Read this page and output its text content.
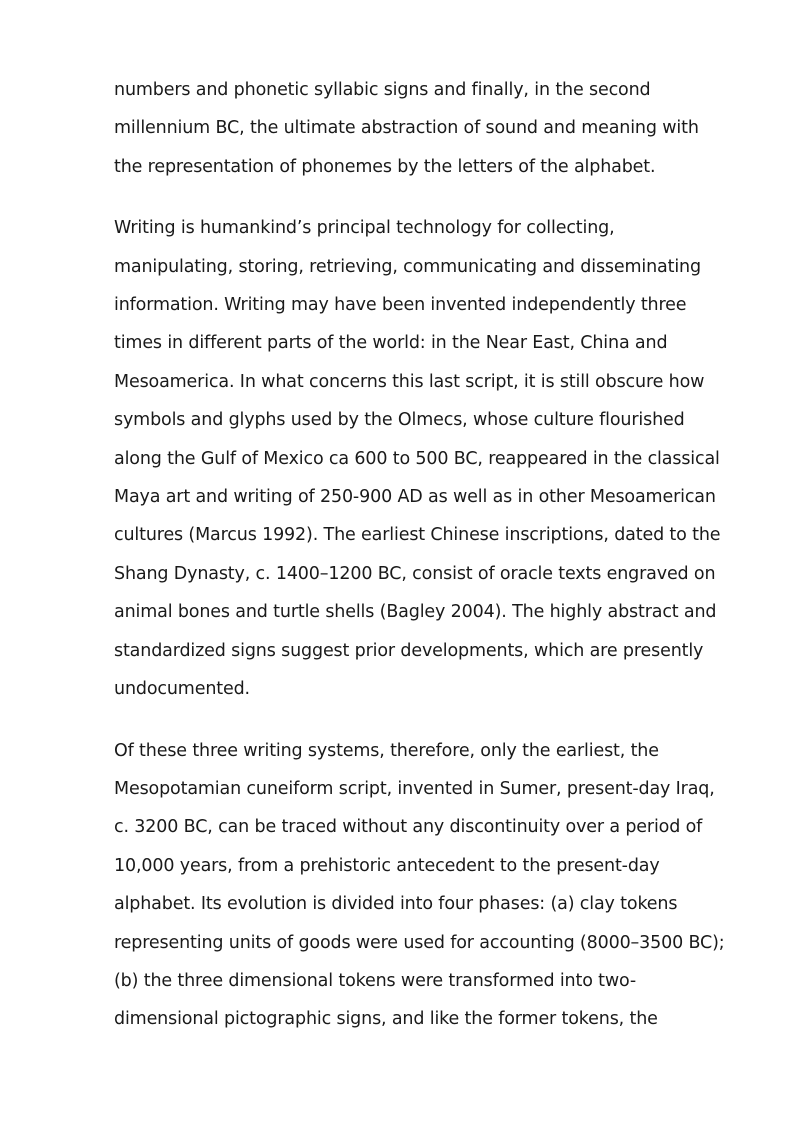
numbers and phonetic syllabic signs and finally, in the second
millennium BC, the ultimate abstraction of sound and meaning with
the representation of phonemes by the letters of the alphabet.

Writing is humankind’s principal technology for collecting,
manipulating, storing, retrieving, communicating and disseminating
information. Writing may have been invented independently three
times in different parts of the world: in the Near East, China and
Mesoamerica. In what concerns this last script, it is still obscure how
symbols and glyphs used by the Olmecs, whose culture flourished
along the Gulf of Mexico ca 600 to 500 BC, reappeared in the classical
Maya art and writing of 250-900 AD as well as in other Mesoamerican
cultures (Marcus 1992). The earliest Chinese inscriptions, dated to the
Shang Dynasty, c. 1400–1200 BC, consist of oracle texts engraved on
animal bones and turtle shells (Bagley 2004). The highly abstract and
standardized signs suggest prior developments, which are presently
undocumented.

Of these three writing systems, therefore, only the earliest, the
Mesopotamian cuneiform script, invented in Sumer, present-day Iraq,
c. 3200 BC, can be traced without any discontinuity over a period of
10,000 years, from a prehistoric antecedent to the present-day
alphabet. Its evolution is divided into four phases: (a) clay tokens
representing units of goods were used for accounting (8000–3500 BC);
(b) the three dimensional tokens were transformed into two-
dimensional pictographic signs, and like the former tokens, the
